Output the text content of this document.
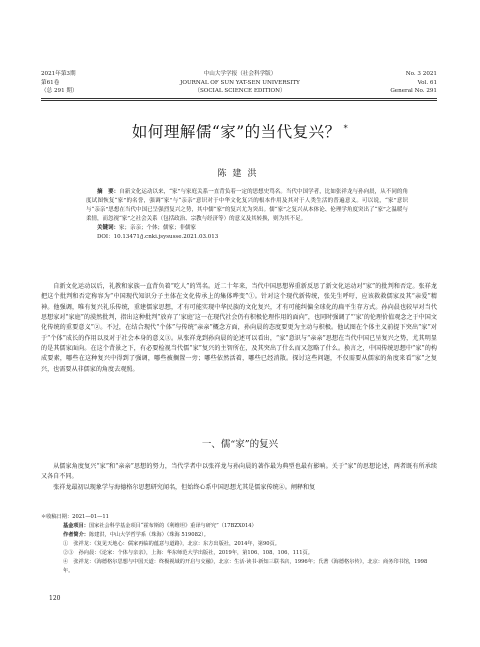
2021年第3期
第61卷
（总 291 期）
中山大学学报（社会科学版）
JOURNAL OF SUN YAT-SEN UNIVERSITY
（SOCIAL SCIENCE EDITION）
No. 3 2021
Vol. 61
General No. 291
如何理解儒“家”的当代复兴？ *
陈建洪

摘　要：自新文化运动以来，“家”与家庭关系一直背负着一定的思想史骂名。当代中国学者，比如张祥龙与孙向晨，从不同的角度试图恢复“家”的名誉，强调“家”与“亲亲”意识对于中华文化复兴的根本作用及其对于人类生活的普遍意义。可以说，“家”意识与“亲亲”思想在当代中国已呈强烈复兴之势，其中儒“家”的复兴尤为突出。儒“家”之复兴从本体论、伦理学角度突出了“家”之温暖与柔情，而忽视“家”之社会关系（包括政治、宗教与经济等）的意义及其转换，则为其不足。

关键词：家；亲亲；个体；儒家；非儒家

DOI：10.13471/j.cnki.jsysusse.2021.03.013

自新文化运动以后，礼教和家族一直背负着“吃人”的骂名。近二十年来，当代中国思想界重新反思了新文化运动对“家”的批判和否定。张祥龙把这个批判和否定称容为“中国现代知识分子主体在文化传承上的集体哗变”①。针对这个现代新传统，张先生呼吁，应该救救儒家及其“亲爱”精神。他强调，唯有复兴礼乐传统，重建儒家思想，才有可能实现中华民族的文化复兴，才有可能纠偏全球化的扁平生存方式。孙向晨也较早对当代思想家对“家庭”的漠然批判，指出这种批判“放弃了‘家庭’这一在现代社会仍有积极伦理作用的面向”，也同时强调了“‘家’的伦理价值观念之于中国文化传统的重要意义”②。不过，在结合现代“个体”与传统“亲亲”概念方面，孙向晨的态度要更为主动与积极。他试图在个体主义前提下突出“家”对于“个体”成长的作用以及对于社会本身的意义③。从张祥龙到孙向晨的论述可以看出，“家”意识与“亲亲”思想在当代中国已呈复兴之势，尤其明显的是其儒家面向。在这个背景之下，有必要检视当代儒“家”复兴的主智所在，及其突出了什么而又忽略了什么。换言之，中国传统思想中“家”的构成要素，哪些在这种复兴中得到了强调，哪些被搁置一旁；哪些依然活着，哪些已经消散。探讨这些问题，不仅需要从儒家的角度来看“家”之复兴，也需要从非儒家的角度去观照。

一、儒“家”的复兴

从儒家角度复兴“家”和“亲亲”思想的努力，当代学者中以张祥龙与孙向晨的著作最为典型也最有影响。关于“家”的思想论述，两者既有所承续又各自不同。

张祥龙最初以现象学与海德格尔思想研究闻名，但始终心系中国思想尤其是儒家传统④。闸释和复

＊收稿日期：2021—01—11
基金项目：国家社会科学基金项目“霍布斯的《利维坦》重译与研究”（17BZX014）
作者简介：陈建洪，中山大学哲学系（珠海）（珠海 519082）。
①　张祥龙：《复见天地心：儒家再临的蕴意与道路》，北京：东方出版社，2014年，第90页。
②③　孙向晨：《论家：个体与亲亲》，上海：华东师范大学出版社，2019年，第106、108、106、111页。
④　张祥龙：《海德格尔思想与中国天道：终极视域的开启与交融》，北京：生活·读书·新知三联书店，1996年；氏著《海德格尔传》，北京：商务印书馆，1998年。
120
